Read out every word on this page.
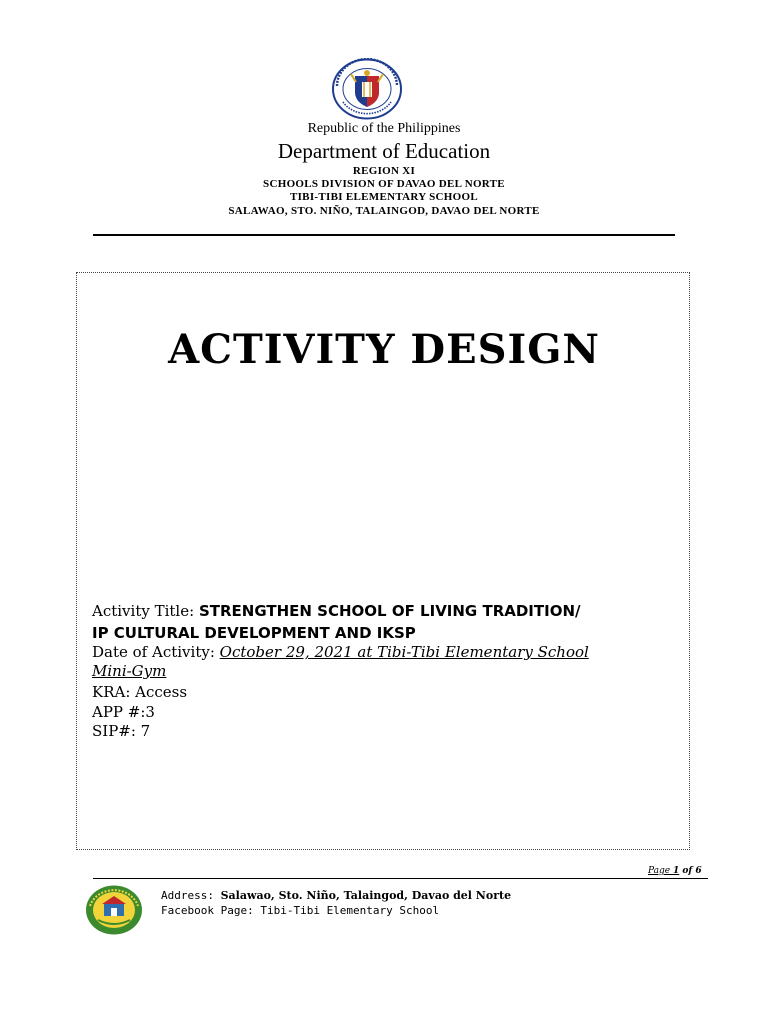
Republic of the Philippines
Department of Education
REGION XI
SCHOOLS DIVISION OF DAVAO DEL NORTE
TIBI-TIBI ELEMENTARY SCHOOL
SALAWAO, STO. NIÑO, TALAINGOD, DAVAO DEL NORTE
ACTIVITY DESIGN
Activity Title: STRENGTHEN SCHOOL OF LIVING TRADITION/
IP CULTURAL DEVELOPMENT AND IKSP
Date of Activity: October 29, 2021 at Tibi-Tibi Elementary School
Mini-Gym
KRA: Access
APP #:3
SIP#: 7
Page 1 of 6
Address: Salawao, Sto. Niño, Talaingod, Davao del Norte
Facebook Page: Tibi-Tibi Elementary School
